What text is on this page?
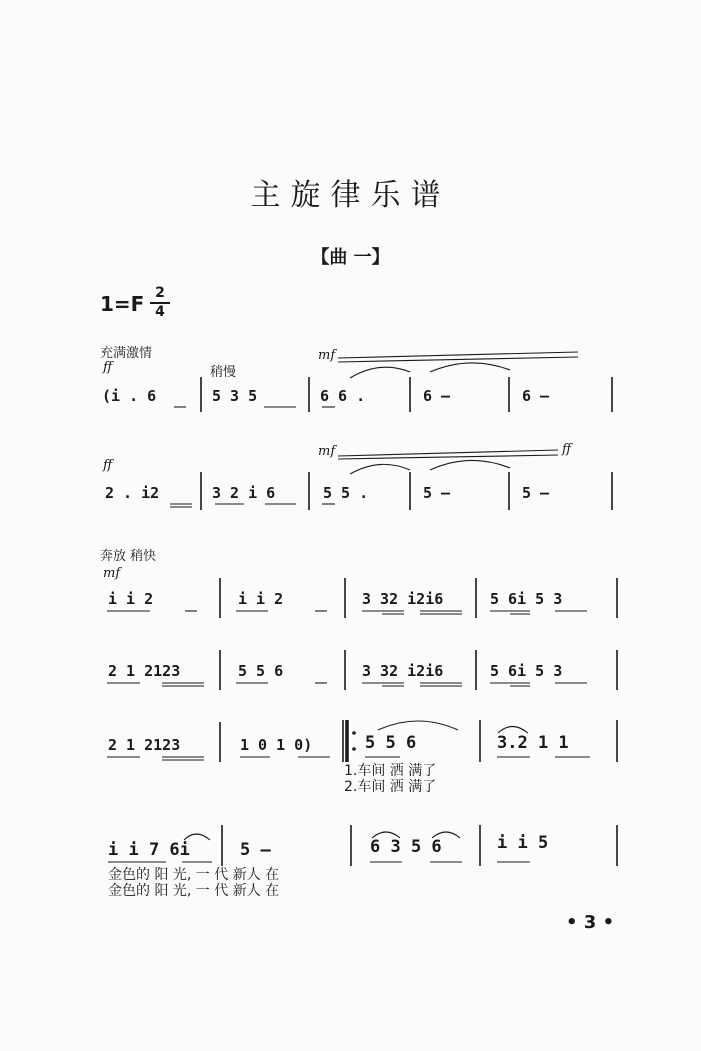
主旋律乐谱
【曲 一】
1=F 2
4
充满激情
ff	稍慢
mf
(i . 6	5 3 5	6 6 .	6 –	6 –
ff
mf	ff
2 . i2	3 2 i 6	5 5 .	5 –	5 –
奔放 稍快
mf
i i 2	i i 2	3 32 i2i6	5 6i 5 3
2 1 2123	5 5 6	3 32 i2i6	5 6i 5 3
2 1 2123	1 0 1 0)	5 5 6	3.2 1 1
1.车间 洒 满了
2.车间 洒 满了
i i 7 6i	5 –	6 3 5 6	i i 5
金色的 阳 光, 一 代 新人 在
金色的 阳 光, 一 代 新人 在
• 3 •
